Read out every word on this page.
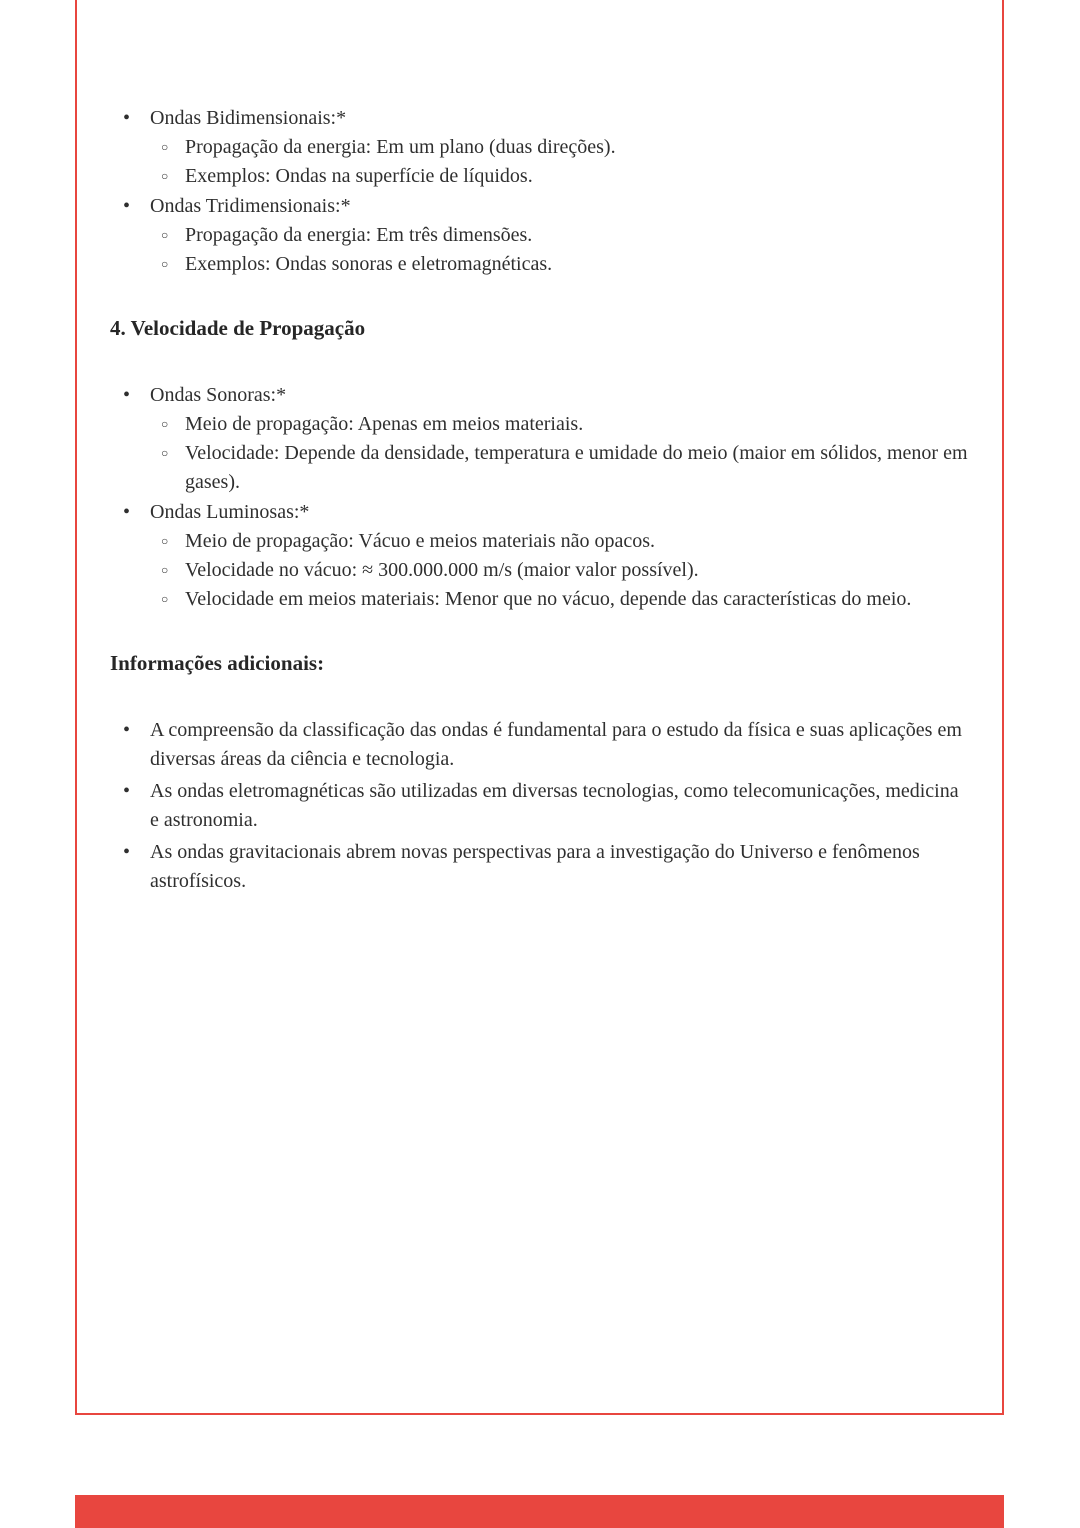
• Ondas Bidimensionais:*
○ Propagação da energia: Em um plano (duas direções).
○ Exemplos: Ondas na superfície de líquidos.
• Ondas Tridimensionais:*
○ Propagação da energia: Em três dimensões.
○ Exemplos: Ondas sonoras e eletromagnéticas.
4. Velocidade de Propagação
• Ondas Sonoras:*
○ Meio de propagação: Apenas em meios materiais.
○ Velocidade: Depende da densidade, temperatura e umidade do meio (maior em sólidos, menor em gases).
• Ondas Luminosas:*
○ Meio de propagação: Vácuo e meios materiais não opacos.
○ Velocidade no vácuo: ≈ 300.000.000 m/s (maior valor possível).
○ Velocidade em meios materiais: Menor que no vácuo, depende das características do meio.
Informações adicionais:
• A compreensão da classificação das ondas é fundamental para o estudo da física e suas aplicações em diversas áreas da ciência e tecnologia.
• As ondas eletromagnéticas são utilizadas em diversas tecnologias, como telecomunicações, medicina e astronomia.
• As ondas gravitacionais abrem novas perspectivas para a investigação do Universo e fenômenos astrofísicos.
